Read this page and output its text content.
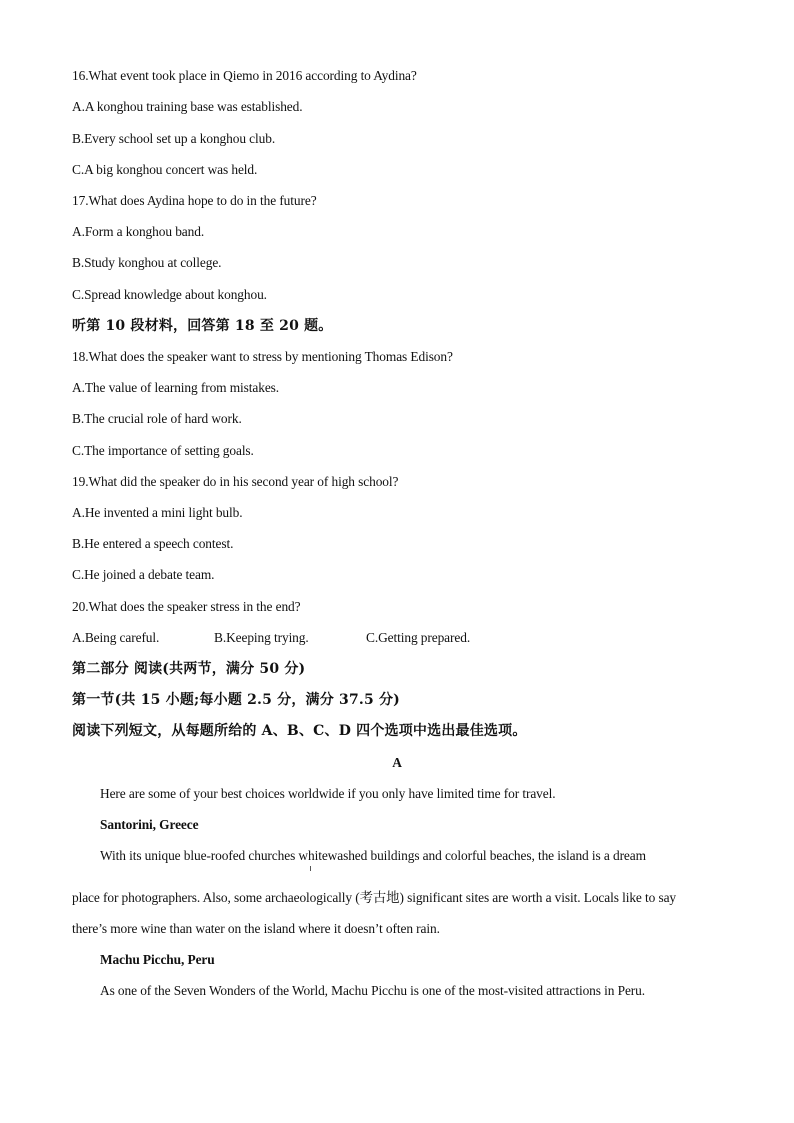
16.What event took place in Qiemo in 2016 according to Aydina?
A.A konghou training base was established.
B.Every school set up a konghou club.
C.A big konghou concert was held.
17.What does Aydina hope to do in the future?
A.Form a konghou band.
B.Study konghou at college.
C.Spread knowledge about konghou.
听第 10 段材料，回答第 18 至 20 题。
18.What does the speaker want to stress by mentioning Thomas Edison?
A.The value of learning from mistakes.
B.The crucial role of hard work.
C.The importance of setting goals.
19.What did the speaker do in his second year of high school?
A.He invented a mini light bulb.
B.He entered a speech contest.
C.He joined a debate team.
20.What does the speaker stress in the end?
A.Being careful.	B.Keeping trying.	C.Getting prepared.
第二部分 阅读(共两节，满分 50 分)
第一节(共 15 小题;每小题 2.5 分，满分 37.5 分)
阅读下列短文，从每题所给的 A、B、C、D 四个选项中选出最佳选项。
A
Here are some of your best choices worldwide if you only have limited time for travel.
Santorini, Greece
With its unique blue-roofed churches whitewashed buildings and colorful beaches, the island is a dream
place for photographers. Also, some archaeologically (考古地) significant sites are worth a visit. Locals like to say
there’s more wine than water on the island where it doesn’t often rain.
Machu Picchu, Peru
As one of the Seven Wonders of the World, Machu Picchu is one of the most-visited attractions in Peru.
